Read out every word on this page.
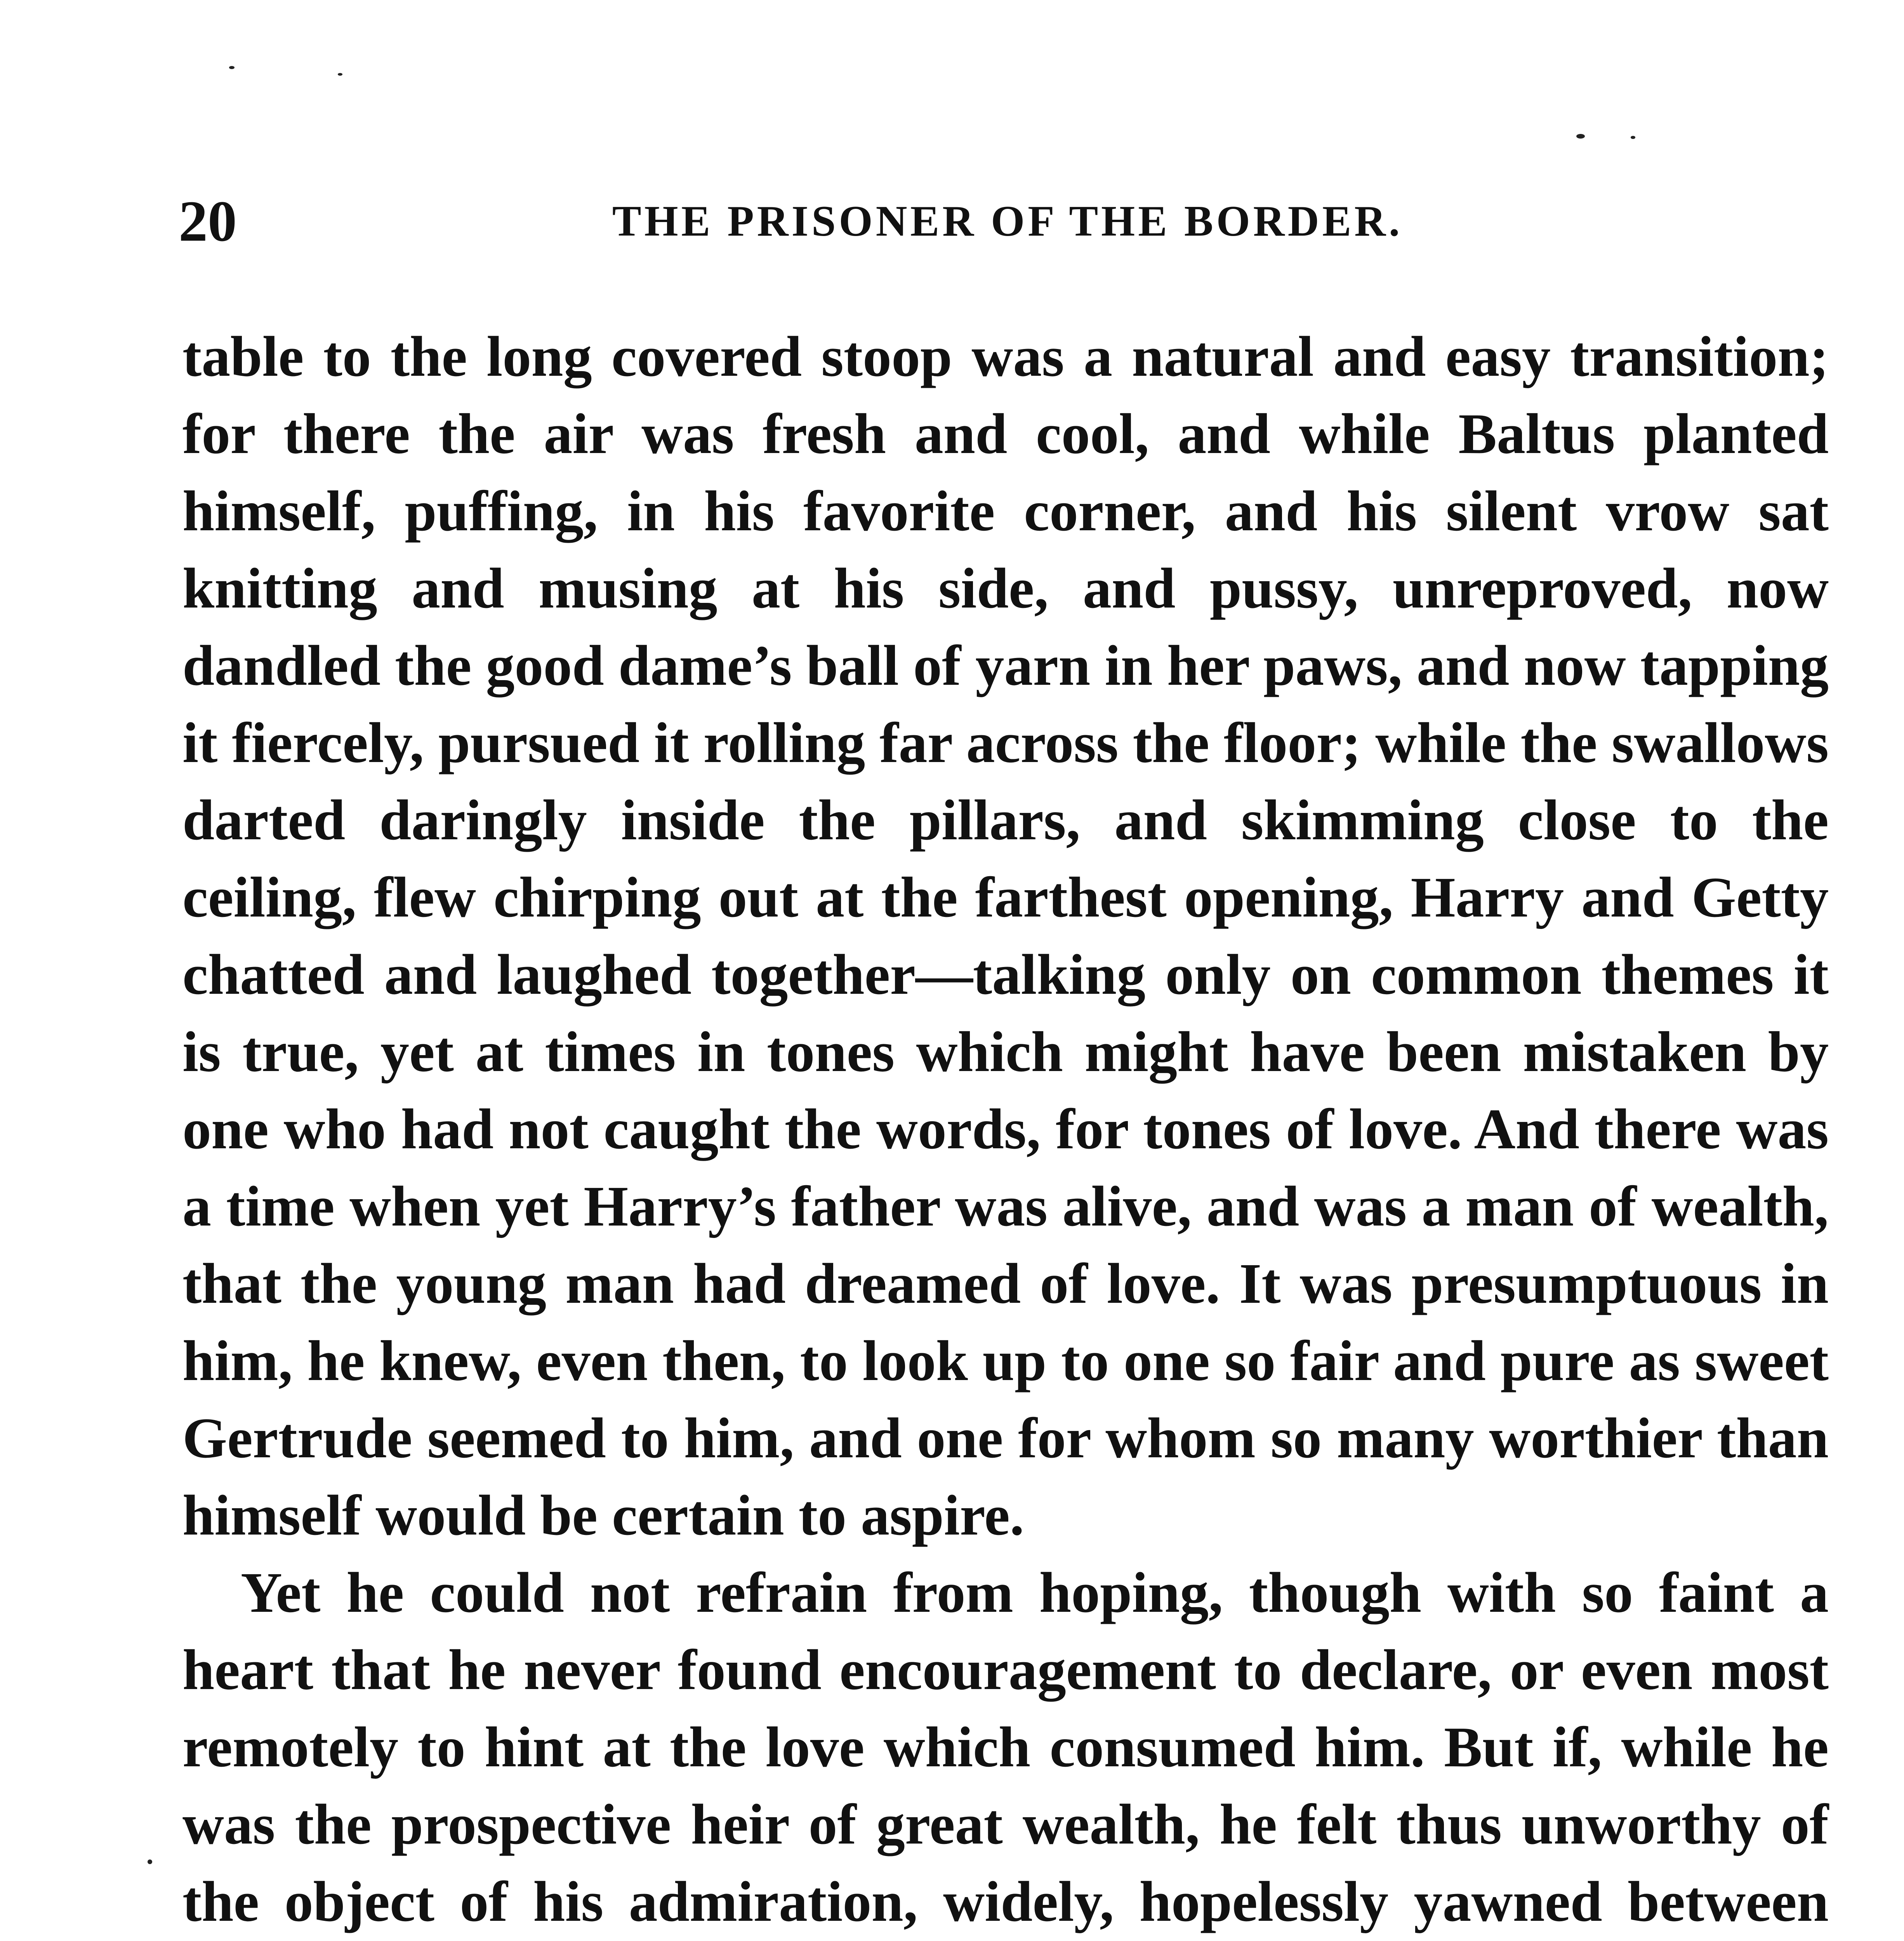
20	THE PRISONER OF THE BORDER.

table to the long covered stoop was a natural and easy transition; for there the air was fresh and cool, and while Baltus planted himself, puffing, in his favorite corner, and his silent vrow sat knitting and musing at his side, and pussy, unreproved, now dandled the good dame’s ball of yarn in her paws, and now tapping it fiercely, pursued it rolling far across the floor; while the swallows darted daringly inside the pillars, and skimming close to the ceiling, flew chirping out at the farthest opening, Harry and Getty chatted and laughed together—talking only on common themes it is true, yet at times in tones which might have been mistaken by one who had not caught the words, for tones of love. And there was a time when yet Harry’s father was alive, and was a man of wealth, that the young man had dreamed of love. It was presumptuous in him, he knew, even then, to look up to one so fair and pure as sweet Gertrude seemed to him, and one for whom so many worthier than himself would be certain to aspire.

Yet he could not refrain from hoping, though with so faint a heart that he never found encouragement to declare, or even most remotely to hint at the love which consumed him. But if, while he was the prospective heir of great wealth, he felt thus unworthy of the object of his admiration, widely, hopelessly yawned between
